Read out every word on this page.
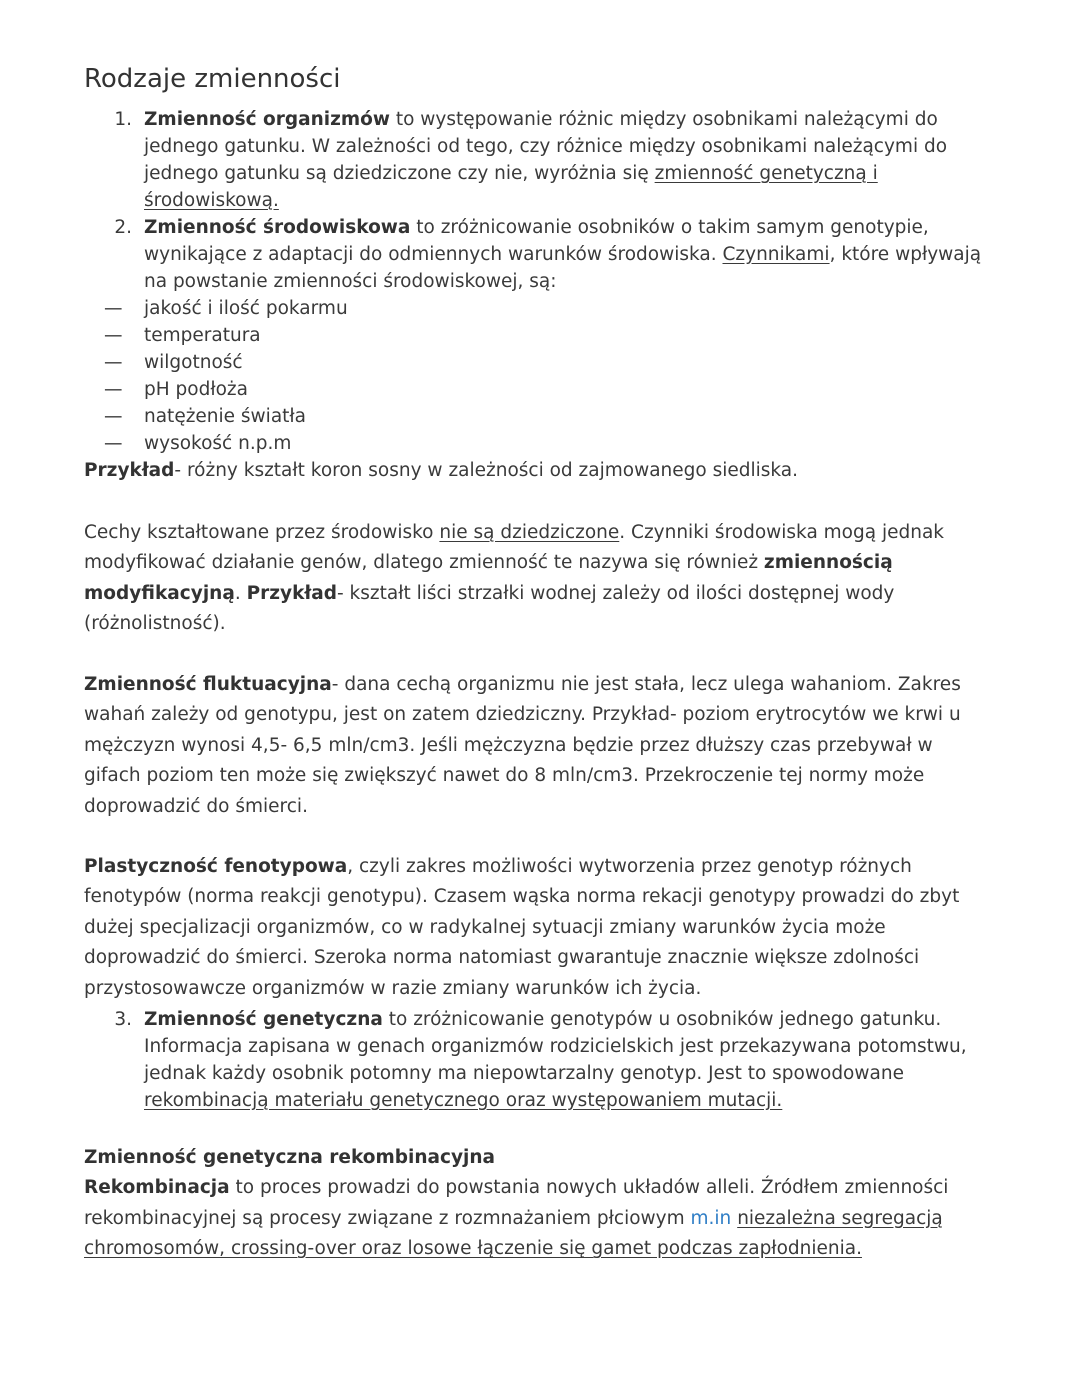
Rodzaje zmienności
1. Zmienność organizmów to występowanie różnic między osobnikami należącymi do jednego gatunku. W zależności od tego, czy różnice między osobnikami należącymi do jednego gatunku są dziedziczone czy nie, wyróżnia się zmienność genetyczną i środowiskową.
2. Zmienność środowiskowa to zróżnicowanie osobników o takim samym genotypie, wynikające z adaptacji do odmiennych warunków środowiska. Czynnikami, które wpływają na powstanie zmienności środowiskowej, są:
—	jakość i ilość pokarmu
—	temperatura
—	wilgotność
—	pH podłoża
—	natężenie światła
—	wysokość n.p.m
Przykład- różny kształt koron sosny w zależności od zajmowanego siedliska.
Cechy kształtowane przez środowisko nie są dziedziczone. Czynniki środowiska mogą jednak modyfikować działanie genów, dlatego zmienność te nazywa się również zmiennością modyfikacyjną. Przykład- kształt liści strzałki wodnej zależy od ilości dostępnej wody (różnolistność).
Zmienność fluktuacyjna- dana cechą organizmu nie jest stała, lecz ulega wahaniom. Zakres wahań zależy od genotypu, jest on zatem dziedziczny. Przykład- poziom erytrocytów we krwi u mężczyzn wynosi 4,5- 6,5 mln/cm3. Jeśli mężczyzna będzie przez dłuższy czas przebywał w gifach poziom ten może się zwiększyć nawet do 8 mln/cm3. Przekroczenie tej normy może doprowadzić do śmierci.
Plastyczność fenotypowa, czyli zakres możliwości wytworzenia przez genotyp różnych fenotypów (norma reakcji genotypu). Czasem wąska norma rekacji genotypy prowadzi do zbyt dużej specjalizacji organizmów, co w radykalnej sytuacji zmiany warunków życia może doprowadzić do śmierci. Szeroka norma natomiast gwarantuje znacznie większe zdolności przystosowawcze organizmów w razie zmiany warunków ich życia.
3. Zmienność genetyczna to zróżnicowanie genotypów u osobników jednego gatunku. Informacja zapisana w genach organizmów rodzicielskich jest przekazywana potomstwu, jednak każdy osobnik potomny ma niepowtarzalny genotyp. Jest to spowodowane rekombinacją materiału genetycznego oraz występowaniem mutacji.
Zmienność genetyczna rekombinacyjna
Rekombinacja to proces prowadzi do powstania nowych układów alleli. Źródłem zmienności rekombinacyjnej są procesy związane z rozmnażaniem płciowym m.in niezależna segregacją chromosomów, crossing-over oraz losowe łączenie się gamet podczas zapłodnienia.
